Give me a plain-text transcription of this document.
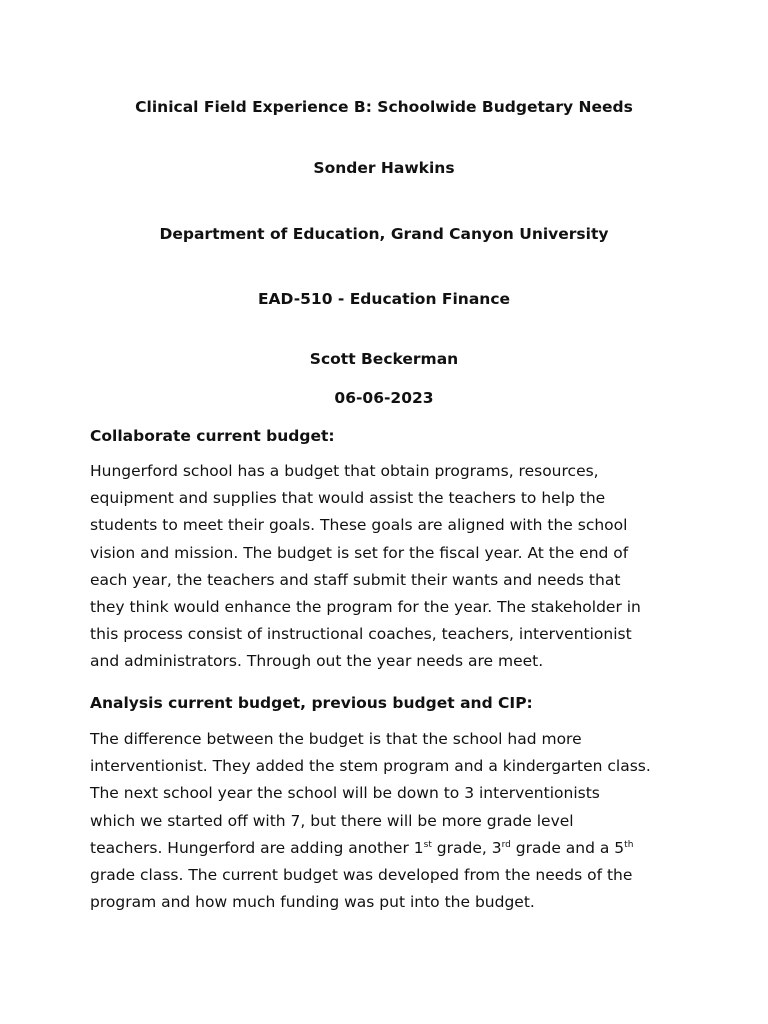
Clinical Field Experience B: Schoolwide Budgetary Needs
Sonder Hawkins
Department of Education, Grand Canyon University
EAD-510 - Education Finance
Scott Beckerman
06-06-2023
Collaborate current budget:

Hungerford school has a budget that obtain programs, resources,
equipment and supplies that would assist the teachers to help the
students to meet their goals. These goals are aligned with the school
vision and mission. The budget is set for the fiscal year. At the end of
each year, the teachers and staff submit their wants and needs that
they think would enhance the program for the year. The stakeholder in
this process consist of instructional coaches, teachers, interventionist
and administrators. Through out the year needs are meet.

Analysis current budget, previous budget and CIP:

The difference between the budget is that the school had more
interventionist. They added the stem program and a kindergarten class.
The next school year the school will be down to 3 interventionists
which we started off with 7, but there will be more grade level
teachers. Hungerford are adding another 1st grade, 3rd grade and a 5th
grade class. The current budget was developed from the needs of the
program and how much funding was put into the budget.
